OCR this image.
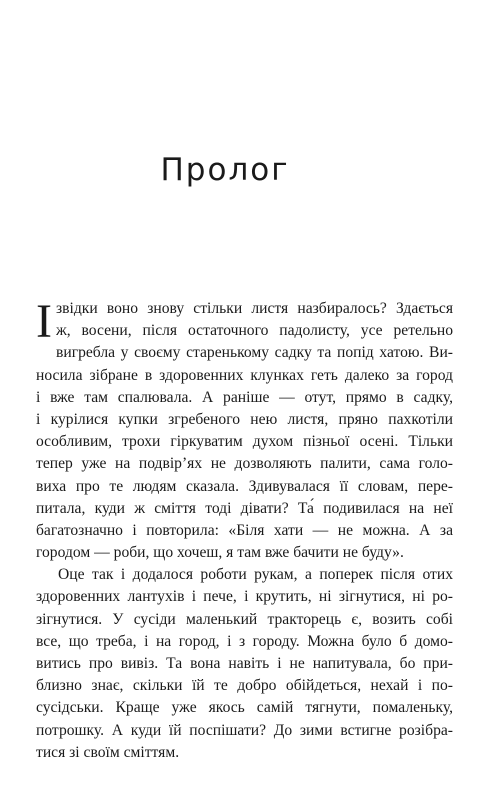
Пролог
І звідки воно знову стільки листя назбиралось? Здається
ж, восени, після остаточного падолисту, усе ретельно
вигребла у своєму старенькому садку та попід хатою. Ви-
носила зібране в здоровенних клунках геть далеко за город
і вже там спалювала. А раніше — отут, прямо в садку,
і курілися купки згребеного нею листя, пряно пахкотіли
особливим, трохи гіркуватим духом пізньої осені. Тільки
тепер уже на подвір’ях не дозволяють палити, сама голо-
виха про те людям сказала. Здивувалася її словам, пере-
питала, куди ж сміття тоді дівати? Та́ подивилася на неї
багатозначно і повторила: «Біля хати — не можна. А за
городом — роби, що хочеш, я там вже бачити не буду».
Оце так і додалося роботи рукам, а поперек після отих
здоровенних лантухів і пече, і крутить, ні зігнутися, ні ро-
зігнутися. У сусіди маленький тракторець є, возить собі
все, що треба, і на город, і з городу. Можна було б домо-
витись про вивіз. Та вона навіть і не напитувала, бо при-
близно знає, скільки їй те добро обійдеться, нехай і по-
сусідськи. Краще уже якось самій тягнути, помаленьку,
потрошку. А куди їй поспішати? До зими встигне розібра-
тися зі своїм сміттям.
